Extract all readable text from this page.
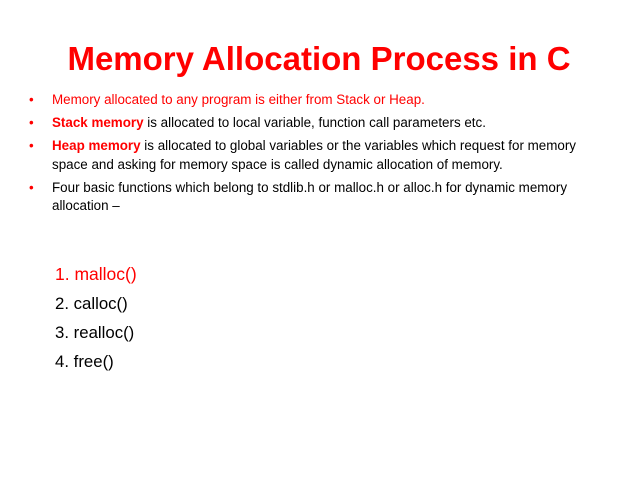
Memory Allocation Process in C
• Memory allocated to any program is either from Stack or Heap.
• Stack memory is allocated to local variable, function call parameters etc.
• Heap memory is allocated to global variables or the variables which request for memory space and asking for memory space is called dynamic allocation of memory.
• Four basic functions which belong to stdlib.h or malloc.h or alloc.h for dynamic memory allocation –
1. malloc()
2. calloc()
3. realloc()
4. free()
